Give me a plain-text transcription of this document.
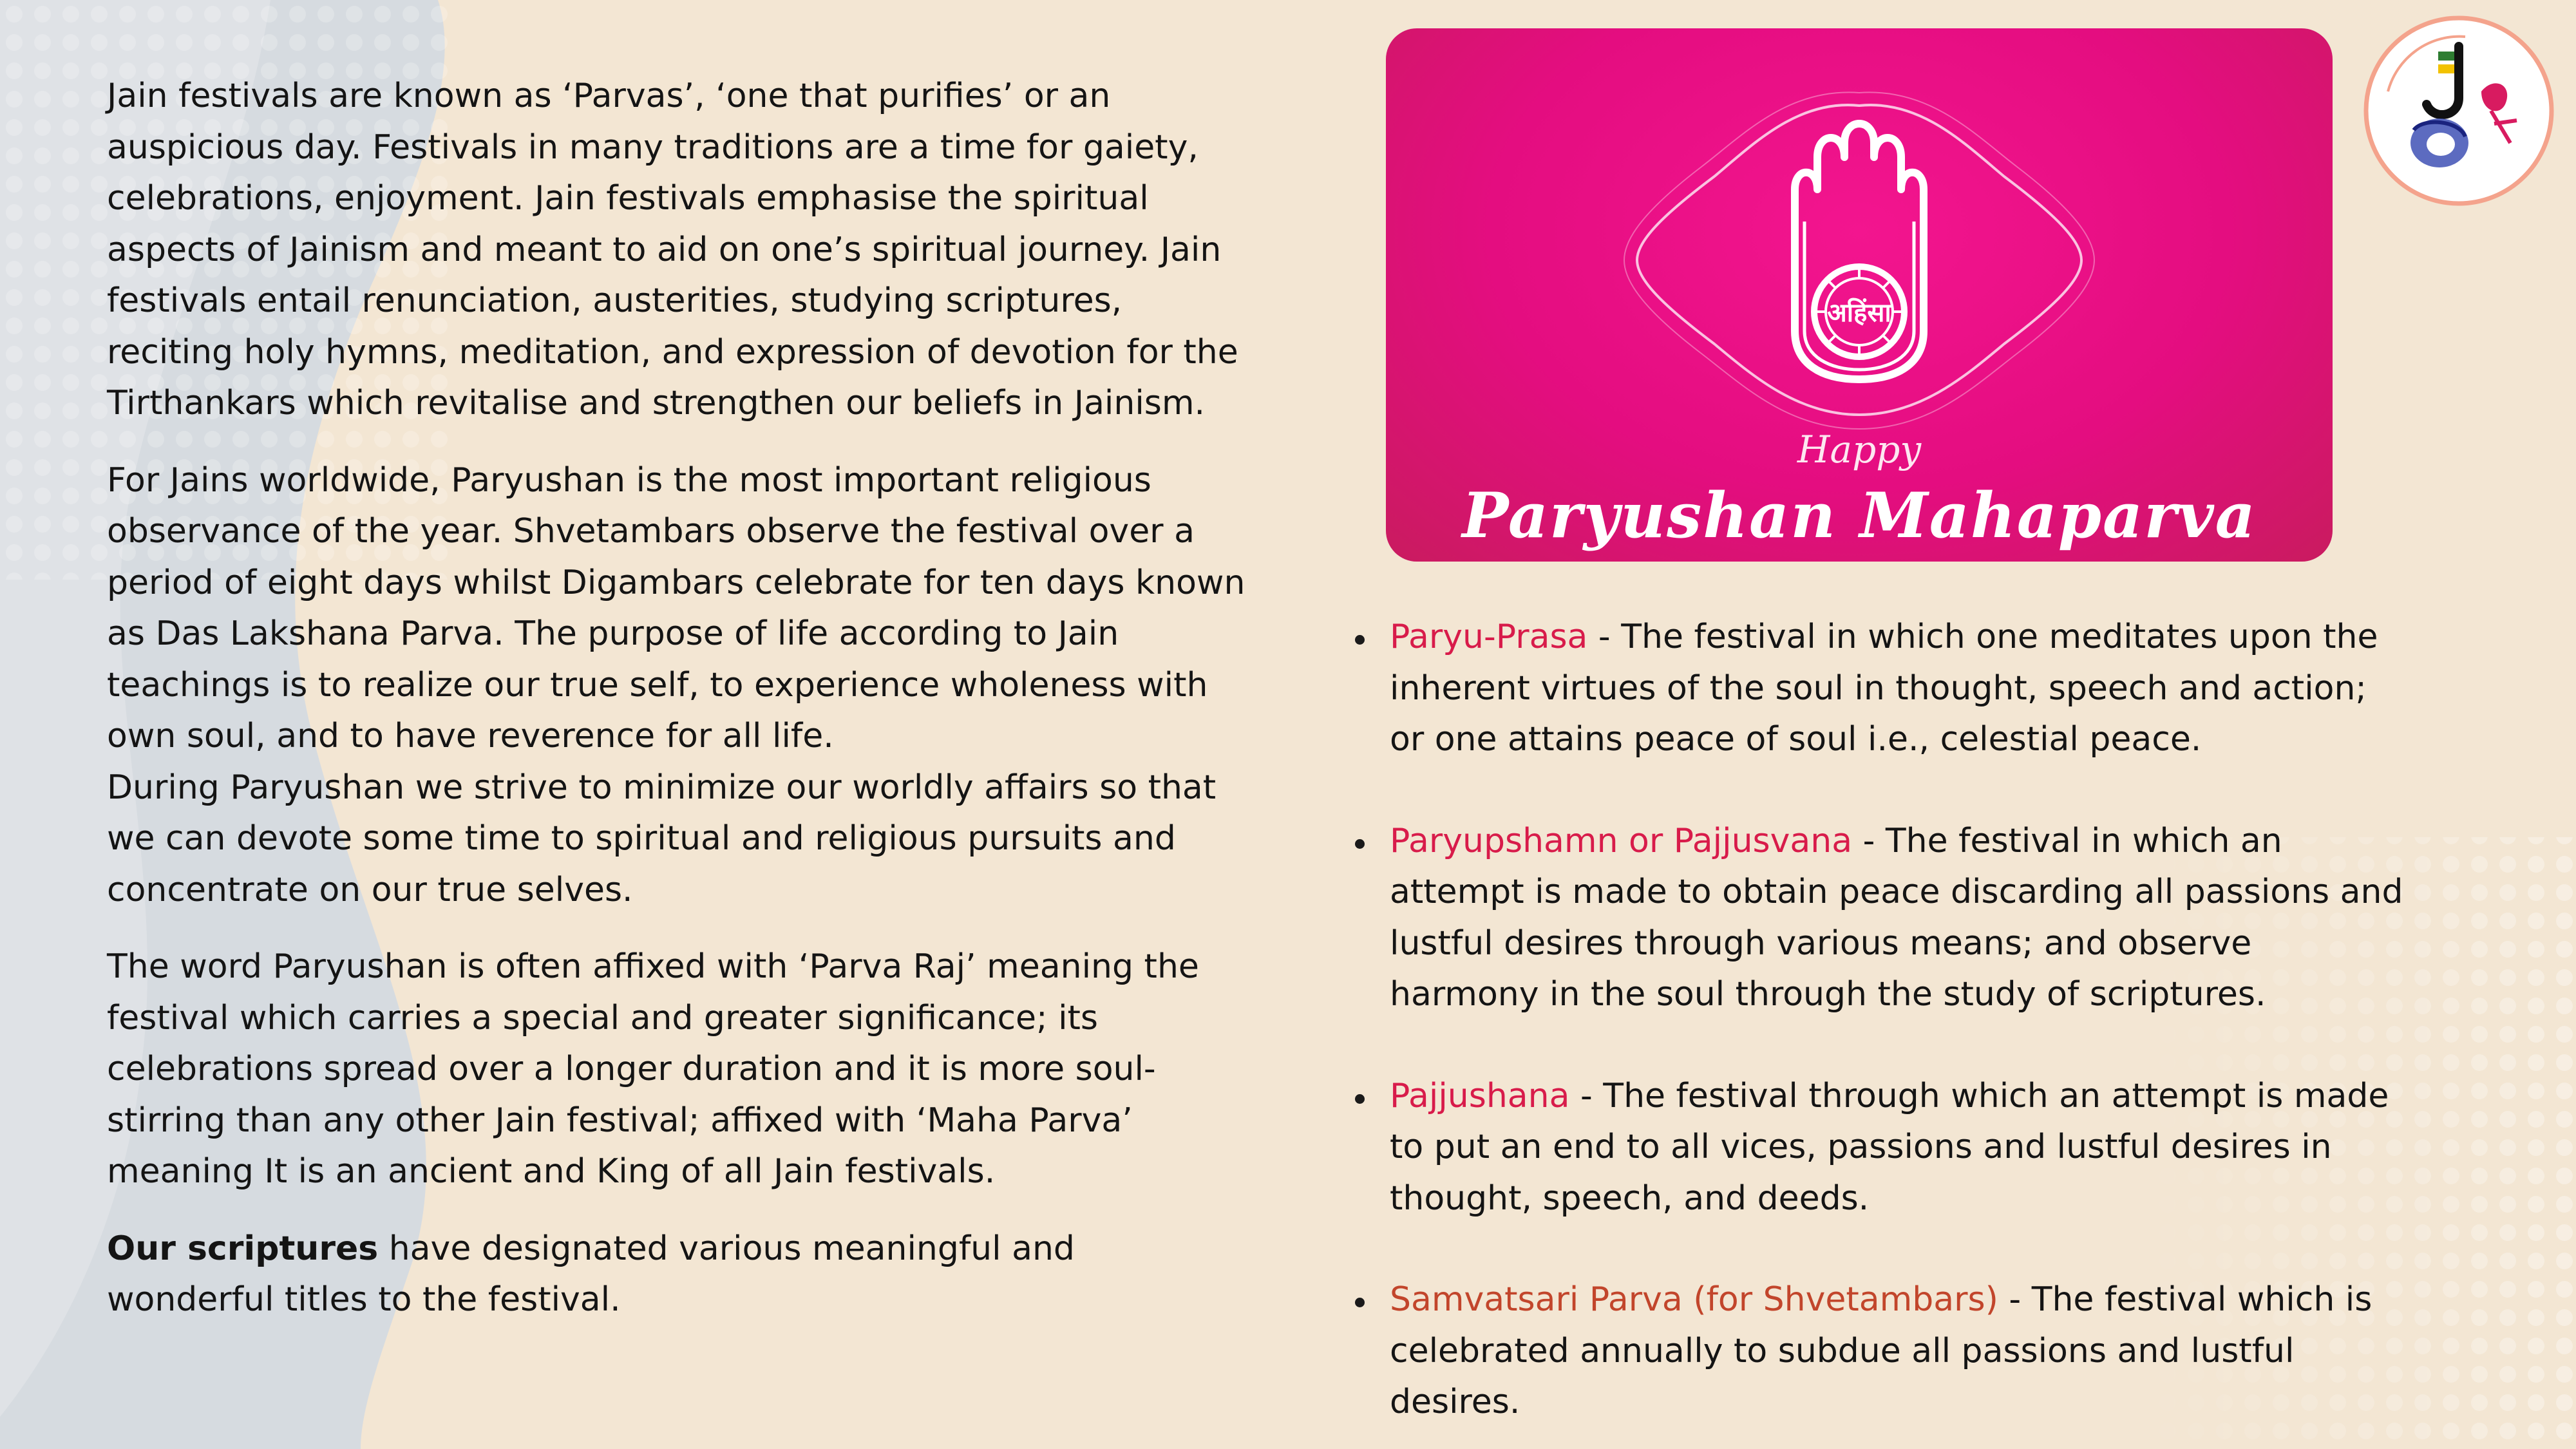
Jain festivals are known as ‘Parvas’, ‘one that purifies’ or an auspicious day. Festivals in many traditions are a time for gaiety, celebrations, enjoyment. Jain festivals emphasise the spiritual aspects of Jainism and meant to aid on one’s spiritual journey. Jain festivals entail renunciation, austerities, studying scriptures, reciting holy hymns, meditation, and expression of devotion for the Tirthankars which revitalise and strengthen our beliefs in Jainism.

For Jains worldwide, Paryushan is the most important religious observance of the year. Shvetambars observe the festival over a period of eight days whilst Digambars celebrate for ten days known as Das Lakshana Parva. The purpose of life according to Jain teachings is to realize our true self, to experience wholeness with own soul, and to have reverence for all life.

During Paryushan we strive to minimize our worldly affairs so that we can devote some time to spiritual and religious pursuits and concentrate on our true selves.

The word Paryushan is often affixed with ‘Parva Raj’ meaning the festival which carries a special and greater significance; its celebrations spread over a longer duration and it is more soul-stirring than any other Jain festival; affixed with ‘Maha Parva’ meaning It is an ancient and King of all Jain festivals.

Our scriptures have designated various meaningful and wonderful titles to the festival.

अहिंसा
Happy
Paryushan Mahaparva
Paryu-Prasa - The festival in which one meditates upon the inherent virtues of the soul in thought, speech and action; or one attains peace of soul i.e., celestial peace.
Paryupshamn or Pajjusvana - The festival in which an attempt is made to obtain peace discarding all passions and lustful desires through various means; and observe harmony in the soul through the study of scriptures.
Pajjushana - The festival through which an attempt is made to put an end to all vices, passions and lustful desires in thought, speech, and deeds.
Samvatsari Parva (for Shvetambars) - The festival which is celebrated annually to subdue all passions and lustful desires.
